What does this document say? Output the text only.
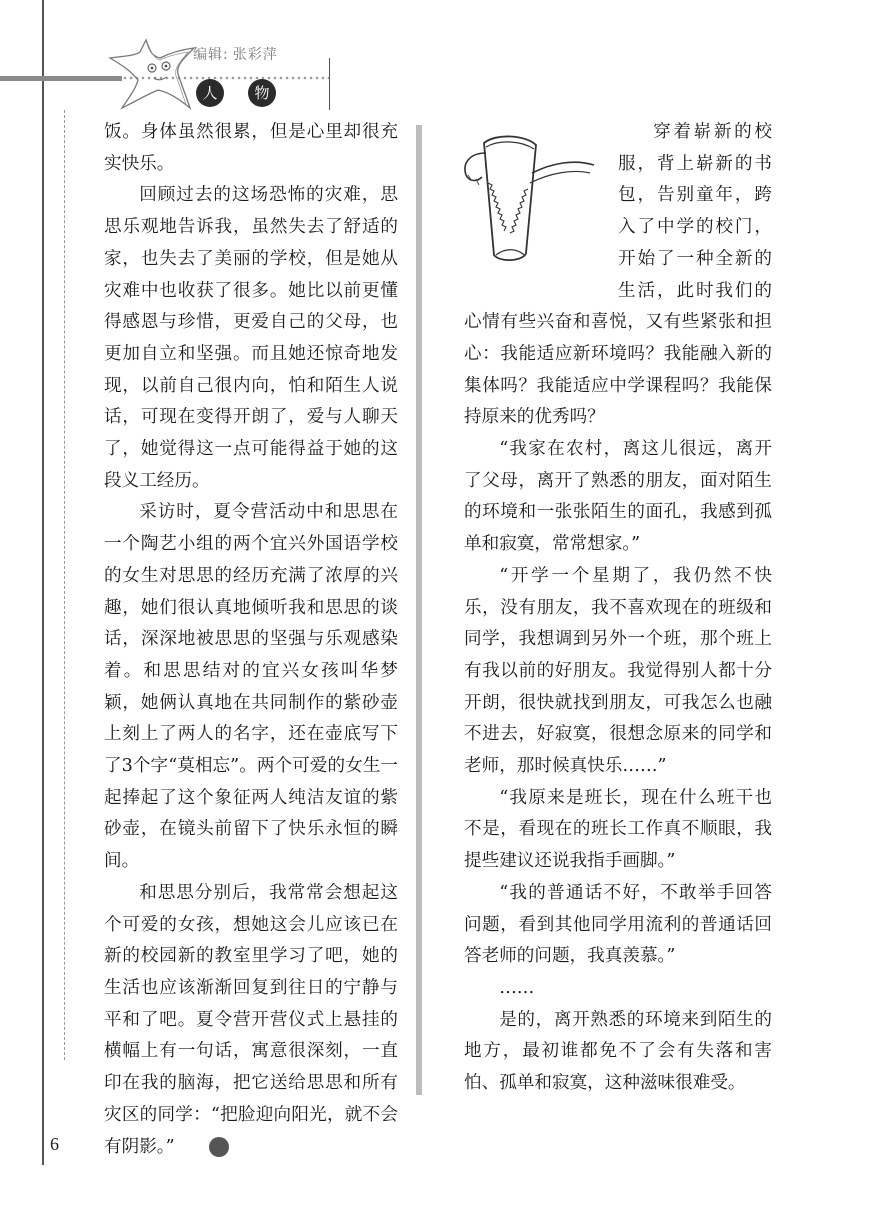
6
编辑: 张彩萍
人	物

饭。身体虽然很累，但是心里却很充实快乐。

回顾过去的这场恐怖的灾难，思思乐观地告诉我，虽然失去了舒适的家，也失去了美丽的学校，但是她从灾难中也收获了很多。她比以前更懂得感恩与珍惜，更爱自己的父母，也更加自立和坚强。而且她还惊奇地发现，以前自己很内向，怕和陌生人说话，可现在变得开朗了，爱与人聊天了，她觉得这一点可能得益于她的这段义工经历。

采访时，夏令营活动中和思思在一个陶艺小组的两个宜兴外国语学校的女生对思思的经历充满了浓厚的兴趣，她们很认真地倾听我和思思的谈话，深深地被思思的坚强与乐观感染着。和思思结对的宜兴女孩叫华梦颖，她俩认真地在共同制作的紫砂壶上刻上了两人的名字，还在壶底写下了3个字“莫相忘”。两个可爱的女生一起捧起了这个象征两人纯洁友谊的紫砂壶，在镜头前留下了快乐永恒的瞬间。

和思思分别后，我常常会想起这个可爱的女孩，想她这会儿应该已在新的校园新的教室里学习了吧，她的生活也应该渐渐回复到往日的宁静与平和了吧。夏令营开营仪式上悬挂的横幅上有一句话，寓意很深刻，一直印在我的脑海，把它送给思思和所有灾区的同学：“把脸迎向阳光，就不会有阴影。”	⊕

穿着崭新的校服，背上崭新的书包，告别童年，跨入了中学的校门，开始了一种全新的生活，此时我们的心情有些兴奋和喜悦，又有些紧张和担心：我能适应新环境吗？我能融入新的集体吗？我能适应中学课程吗？我能保持原来的优秀吗？

“我家在农村，离这儿很远，离开了父母，离开了熟悉的朋友，面对陌生的环境和一张张陌生的面孔，我感到孤单和寂寞，常常想家。”

“开学一个星期了，我仍然不快乐，没有朋友，我不喜欢现在的班级和同学，我想调到另外一个班，那个班上有我以前的好朋友。我觉得别人都十分开朗，很快就找到朋友，可我怎么也融不进去，好寂寞，很想念原来的同学和老师，那时候真快乐……”

“我原来是班长，现在什么班干也不是，看现在的班长工作真不顺眼，我提些建议还说我指手画脚。”

“我的普通话不好，不敢举手回答问题，看到其他同学用流利的普通话回答老师的问题，我真羡慕。”

……

是的，离开熟悉的环境来到陌生的地方，最初谁都免不了会有失落和害怕、孤单和寂寞，这种滋味很难受。
